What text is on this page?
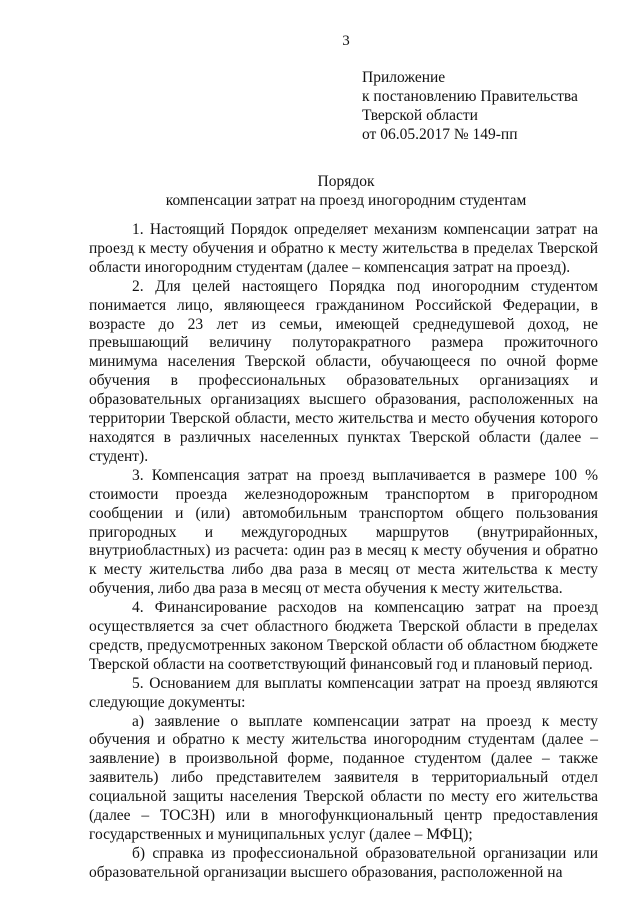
3
Приложение
к постановлению Правительства
Тверской области
от 06.05.2017 № 149-пп
Порядок
компенсации затрат на проезд иногородним студентам

1. Настоящий Порядок определяет механизм компенсации затрат на проезд к месту обучения и обратно к месту жительства в пределах Тверской области иногородним студентам (далее – компенсация затрат на проезд).

2. Для целей настоящего Порядка под иногородним студентом понимается лицо, являющееся гражданином Российской Федерации, в возрасте до 23 лет из семьи, имеющей среднедушевой доход, не превышающий величину полуторакратного размера прожиточного минимума населения Тверской области, обучающееся по очной форме обучения в профессиональных образовательных организациях и образовательных организациях высшего образования, расположенных на территории Тверской области, место жительства и место обучения которого находятся в различных населенных пунктах Тверской области (далее – студент).

3. Компенсация затрат на проезд выплачивается в размере 100 % стоимости проезда железнодорожным транспортом в пригородном сообщении и (или) автомобильным транспортом общего пользования пригородных и междугородных маршрутов (внутрирайонных, внутриобластных) из расчета: один раз в месяц к месту обучения и обратно к месту жительства либо два раза в месяц от места жительства к месту обучения, либо два раза в месяц от места обучения к месту жительства.

4. Финансирование расходов на компенсацию затрат на проезд осуществляется за счет областного бюджета Тверской области в пределах средств, предусмотренных законом Тверской области об областном бюджете Тверской области на соответствующий финансовый год и плановый период.

5. Основанием для выплаты компенсации затрат на проезд являются следующие документы:

а) заявление о выплате компенсации затрат на проезд к месту обучения и обратно к месту жительства иногородним студентам (далее – заявление) в произвольной форме, поданное студентом (далее – также заявитель) либо представителем заявителя в территориальный отдел социальной защиты населения Тверской области по месту его жительства (далее – ТОСЗН) или в многофункциональный центр предоставления государственных и муниципальных услуг (далее – МФЦ);

б) справка из профессиональной образовательной организации или образовательной организации высшего образования, расположенной на
